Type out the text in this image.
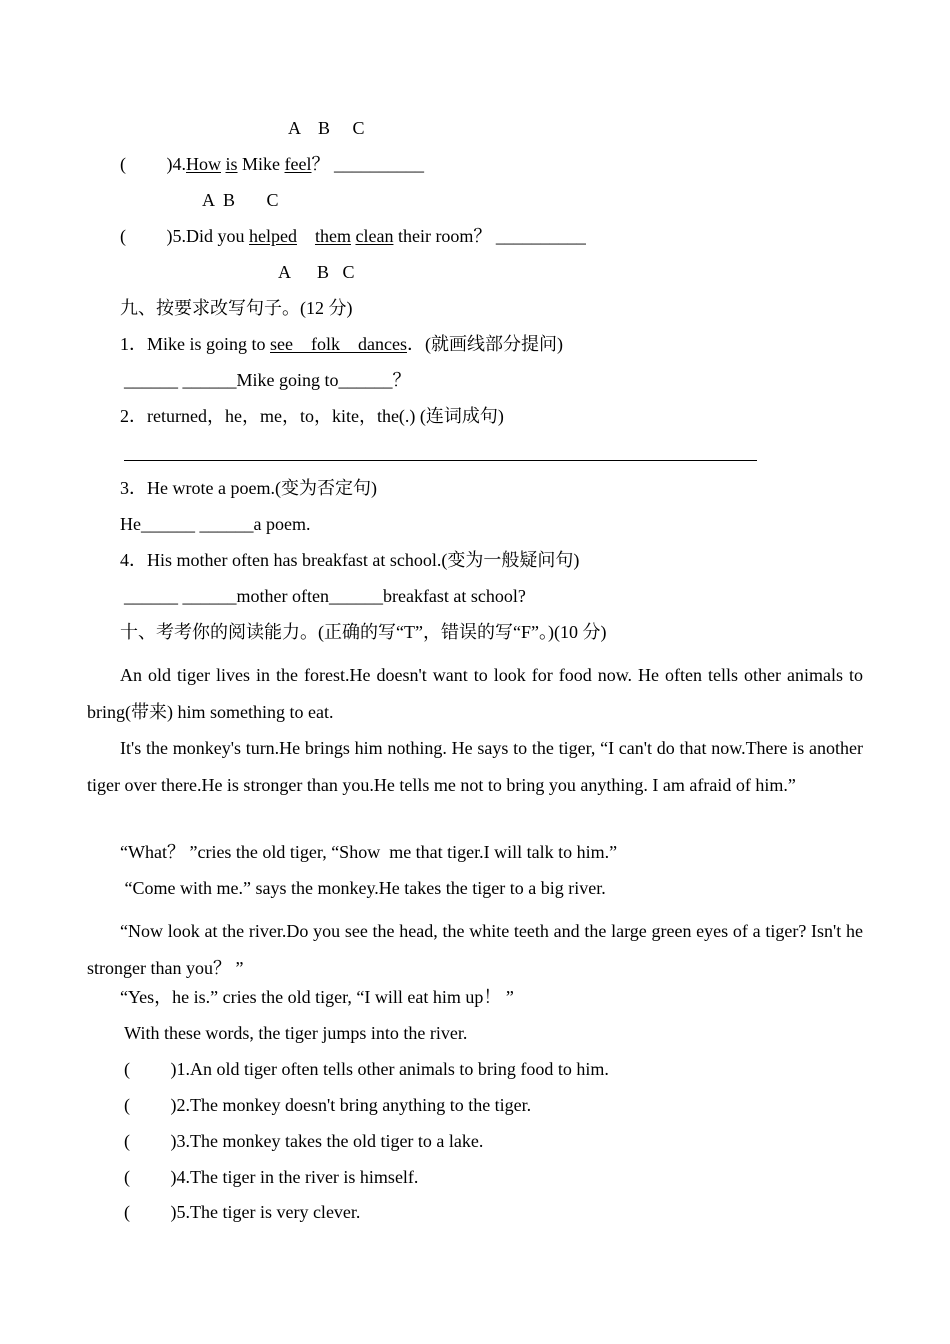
A    B     C
(         )4.How is Mike feel？ __________
A  B       C
(         )5.Did you helped them clean their room？ __________
A      B   C
九、按要求改写句子。(12 分)
1．Mike is going to see folk dances．(就画线部分提问)
______ ______Mike going to______？
2．returned，he，me，to，kite，the(.) (连词成句)
3．He wrote a poem.(变为否定句)
He______ ______a poem.
4．His mother often has breakfast at school.(变为一般疑问句)
______ ______mother often______breakfast at school?
十、考考你的阅读能力。(正确的写“T”，错误的写“F”。)(10 分)

An old tiger lives in the forest.He doesn't want to look for food now. He often tells other animals to bring(带来) him something to eat.

It's the monkey's turn.He brings him nothing. He says to the tiger, “I can't do that now.There is another tiger over there.He is stronger than you.He tells me not to bring you anything. I am afraid of him.”

“What？ ”cries the old tiger, “Show  me that tiger.I will talk to him.”
“Come with me.” says the monkey.He takes the tiger to a big river.

“Now look at the river.Do you see the head, the white teeth and the large green eyes of a tiger? Isn't he stronger than you？ ”

“Yes，he is.” cries the old tiger, “I will eat him up！ ”
With these words, the tiger jumps into the river.
(         )1.An old tiger often tells other animals to bring food to him.
(         )2.The monkey doesn't bring anything to the tiger.
(         )3.The monkey takes the old tiger to a lake.
(         )4.The tiger in the river is himself.
(         )5.The tiger is very clever.
